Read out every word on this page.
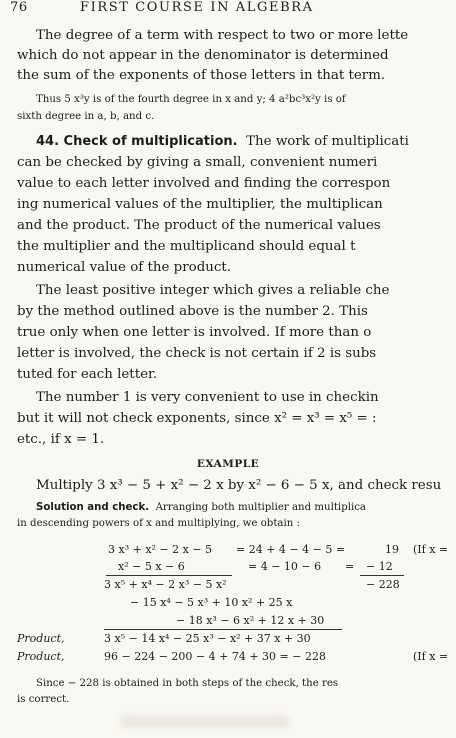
76	FIRST COURSE IN ALGEBRA
The degree of a term with respect to two or more lette
which do not appear in the denominator is determined
the sum of the exponents of those letters in that term.
Thus 5 x³y is of the fourth degree in x and y; 4 a²bc³x²y is of
sixth degree in a, b, and c.
44. Check of multiplication. The work of multiplicati
can be checked by giving a small, convenient numeri
value to each letter involved and finding the correspon
ing numerical values of the multiplier, the multiplican
and the product. The product of the numerical values
the multiplier and the multiplicand should equal t
numerical value of the product.
The least positive integer which gives a reliable che
by the method outlined above is the number 2. This
true only when one letter is involved. If more than o
letter is involved, the check is not certain if 2 is subs
tuted for each letter.
The number 1 is very convenient to use in checkin
but it will not check exponents, since x² = x³ = x⁵ = :
etc., if x = 1.
EXAMPLE
Multiply 3 x³ − 5 + x² − 2 x by x² − 6 − 5 x, and check resu
Solution and check. Arranging both multiplier and multiplica
in descending powers of x and multiplying, we obtain :
3 x³ + x² − 2 x − 5 = 24 + 4 − 4 − 5 =	19 (If x =
x² − 5 x − 6	= 4 − 10 − 6 = − 12
3 x⁵ + x⁴ − 2 x³ − 5 x²	− 228
− 15 x⁴ − 5 x³ + 10 x² + 25 x
− 18 x³ − 6 x² + 12 x + 30
Product,	3 x⁵ − 14 x⁴ − 25 x³ − x² + 37 x + 30
Product,	96 − 224 − 200 − 4 + 74 + 30 = − 228	(If x =
Since − 228 is obtained in both steps of the check, the res
is correct.
